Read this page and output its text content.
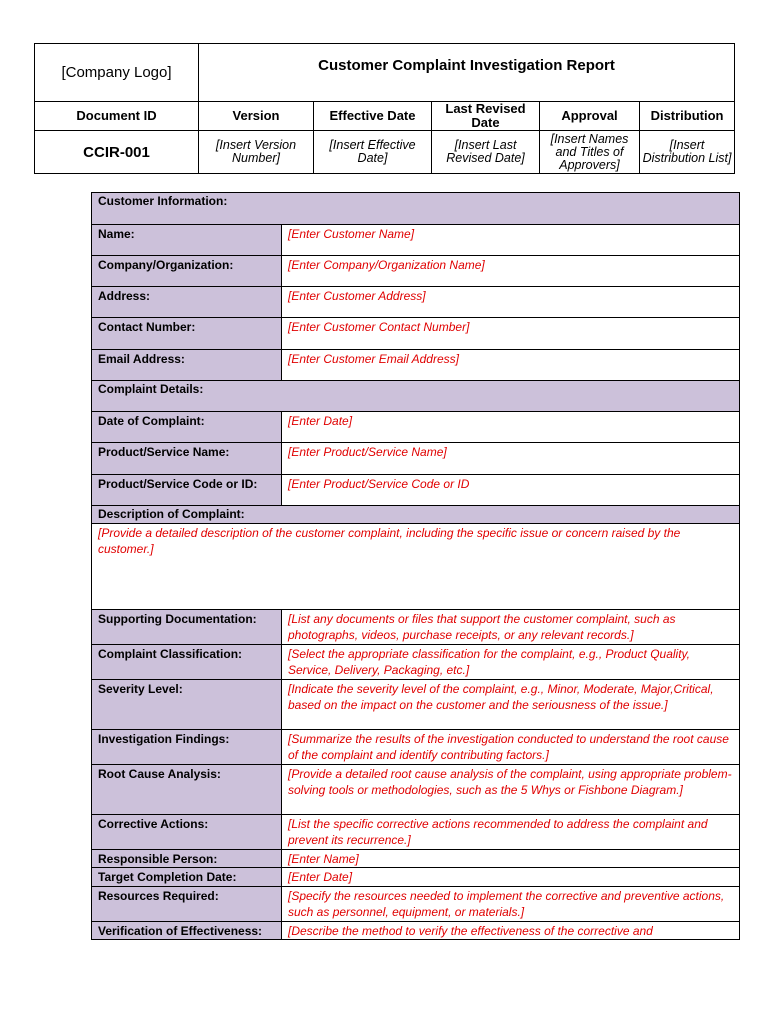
[Company Logo]	Customer Complaint Investigation Report				
Document ID	Version	Effective Date	Last Revised Date	Approval	Distribution
CCIR-001	[Insert Version Number]	[Insert Effective Date]	[Insert Last Revised Date]	[Insert Names and Titles of Approvers]	[Insert Distribution List]
Customer Information:	
Name:	[Enter Customer Name]
Company/Organization:	[Enter Company/Organization Name]
Address:	[Enter Customer Address]
Contact Number:	[Enter Customer Contact Number]
Email Address:	[Enter Customer Email Address]
Complaint Details:	
Date of Complaint:	[Enter Date]
Product/Service Name:	[Enter Product/Service Name]
Product/Service Code or ID:	[Enter Product/Service Code or ID
Description of Complaint:	
[Provide a detailed description of the customer complaint, including the specific issue or concern raised by the customer.]	
Supporting Documentation:	[List any documents or files that support the customer complaint, such as photographs, videos, purchase receipts, or any relevant records.]
Complaint Classification:	[Select the appropriate classification for the complaint, e.g., Product Quality, Service, Delivery, Packaging, etc.]
Severity Level:	[Indicate the severity level of the complaint, e.g., Minor, Moderate, Major,Critical, based on the impact on the customer and the seriousness of the issue.]
Investigation Findings:	[Summarize the results of the investigation conducted to understand the root cause of the complaint and identify contributing factors.]
Root Cause Analysis:	[Provide a detailed root cause analysis of the complaint, using appropriate problem-solving tools or methodologies, such as the 5 Whys or Fishbone Diagram.]
Corrective Actions:	[List the specific corrective actions recommended to address the complaint and prevent its recurrence.]
Responsible Person:	[Enter Name]
Target Completion Date:	[Enter Date]
Resources Required:	[Specify the resources needed to implement the corrective and preventive actions, such as personnel, equipment, or materials.]
Verification of Effectiveness:	[Describe the method to verify the effectiveness of the corrective and
